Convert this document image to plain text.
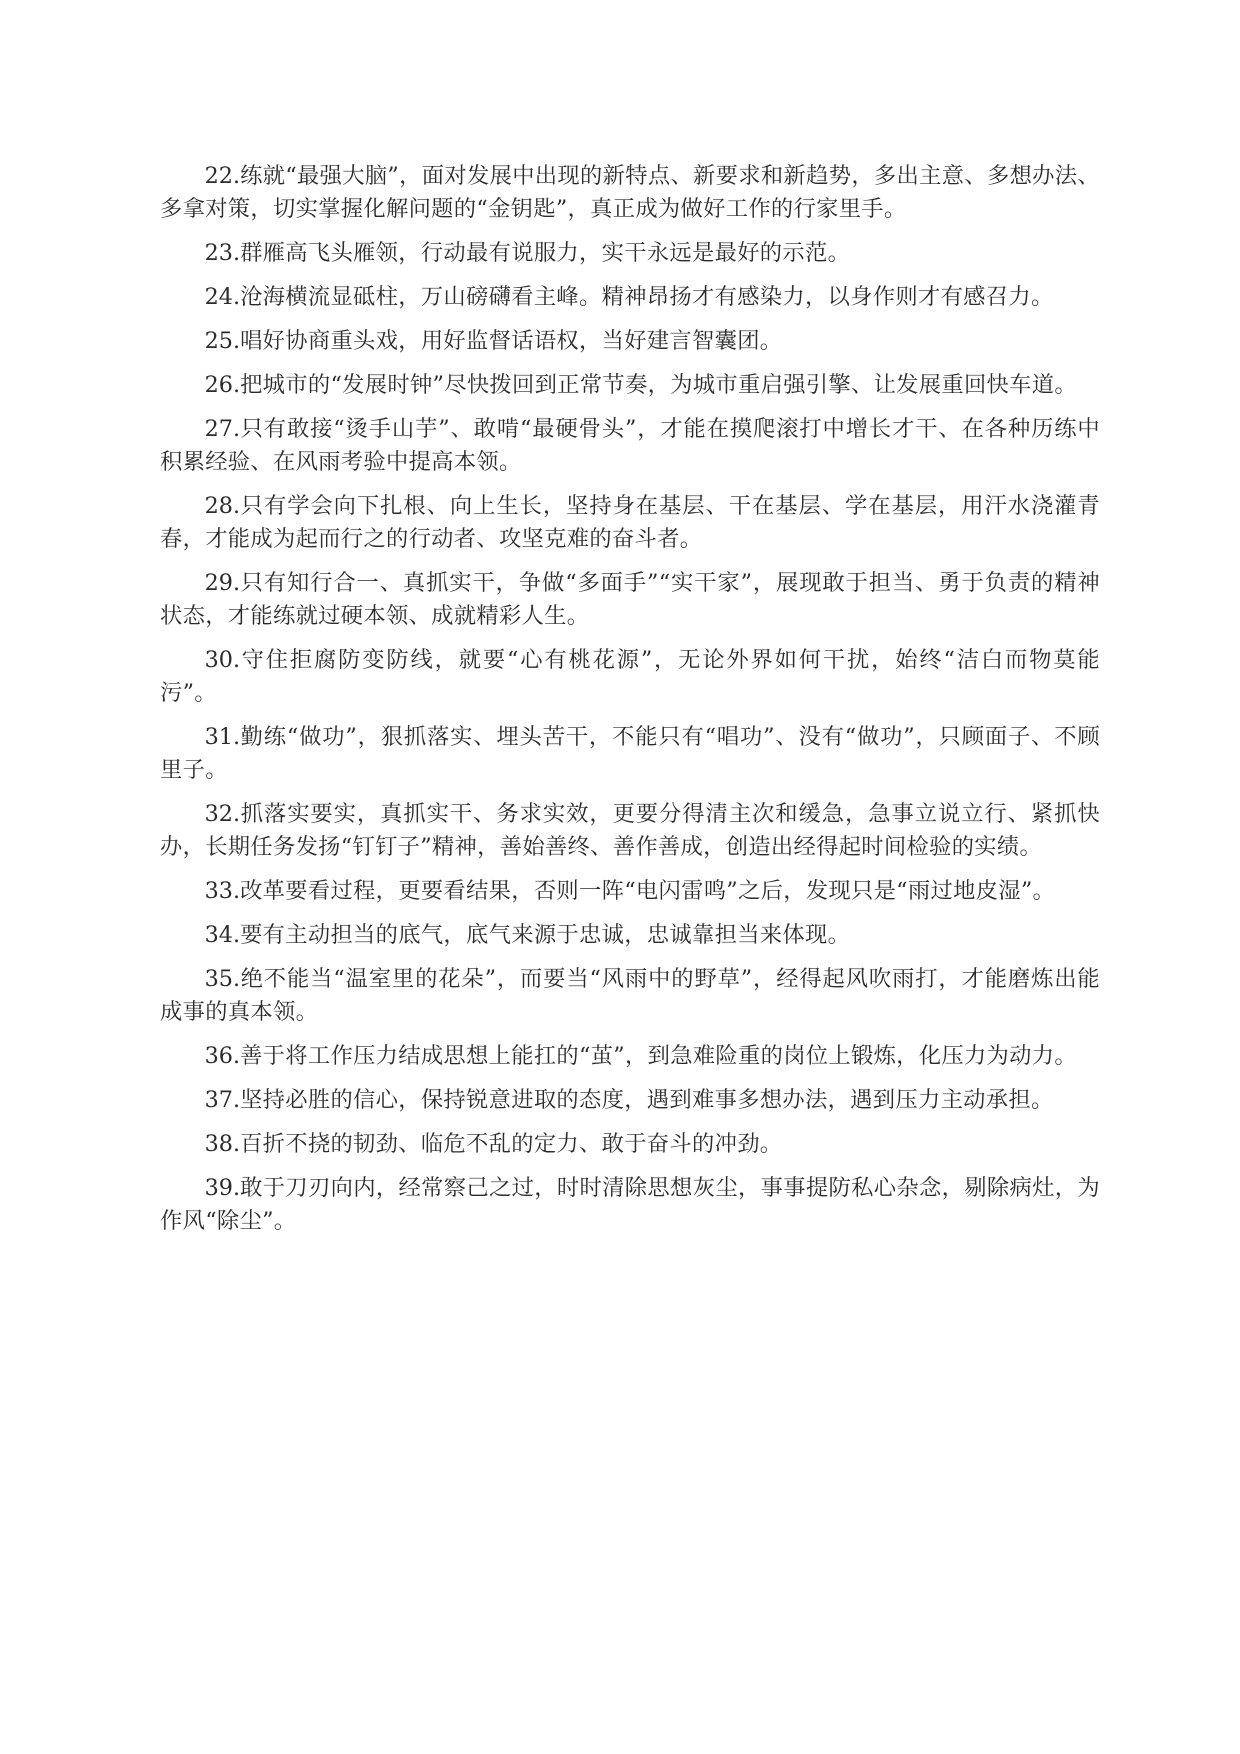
22.练就“最强大脑”，面对发展中出现的新特点、新要求和新趋势，多出主意、多想办法、多拿对策，切实掌握化解问题的“金钥匙”，真正成为做好工作的行家里手。

23.群雁高飞头雁领，行动最有说服力，实干永远是最好的示范。

24.沧海横流显砥柱，万山磅礴看主峰。精神昂扬才有感染力，以身作则才有感召力。

25.唱好协商重头戏，用好监督话语权，当好建言智囊团。

26.把城市的“发展时钟”尽快拨回到正常节奏，为城市重启强引擎、让发展重回快车道。

27.只有敢接“烫手山芋”、敢啃“最硬骨头”，才能在摸爬滚打中增长才干、在各种历练中积累经验、在风雨考验中提高本领。

28.只有学会向下扎根、向上生长，坚持身在基层、干在基层、学在基层，用汗水浇灌青春，才能成为起而行之的行动者、攻坚克难的奋斗者。

29.只有知行合一、真抓实干，争做“多面手”“实干家”，展现敢于担当、勇于负责的精神状态，才能练就过硬本领、成就精彩人生。

30.守住拒腐防变防线，就要“心有桃花源”，无论外界如何干扰，始终“洁白而物莫能污”。

31.勤练“做功”，狠抓落实、埋头苦干，不能只有“唱功”、没有“做功”，只顾面子、不顾里子。

32.抓落实要实，真抓实干、务求实效，更要分得清主次和缓急，急事立说立行、紧抓快办，长期任务发扬“钉钉子”精神，善始善终、善作善成，创造出经得起时间检验的实绩。

33.改革要看过程，更要看结果，否则一阵“电闪雷鸣”之后，发现只是“雨过地皮湿”。

34.要有主动担当的底气，底气来源于忠诚，忠诚靠担当来体现。

35.绝不能当“温室里的花朵”，而要当“风雨中的野草”，经得起风吹雨打，才能磨炼出能成事的真本领。

36.善于将工作压力结成思想上能扛的“茧”，到急难险重的岗位上锻炼，化压力为动力。

37.坚持必胜的信心，保持锐意进取的态度，遇到难事多想办法，遇到压力主动承担。

38.百折不挠的韧劲、临危不乱的定力、敢于奋斗的冲劲。

39.敢于刀刃向内，经常察己之过，时时清除思想灰尘，事事提防私心杂念，剔除病灶，为作风“除尘”。
